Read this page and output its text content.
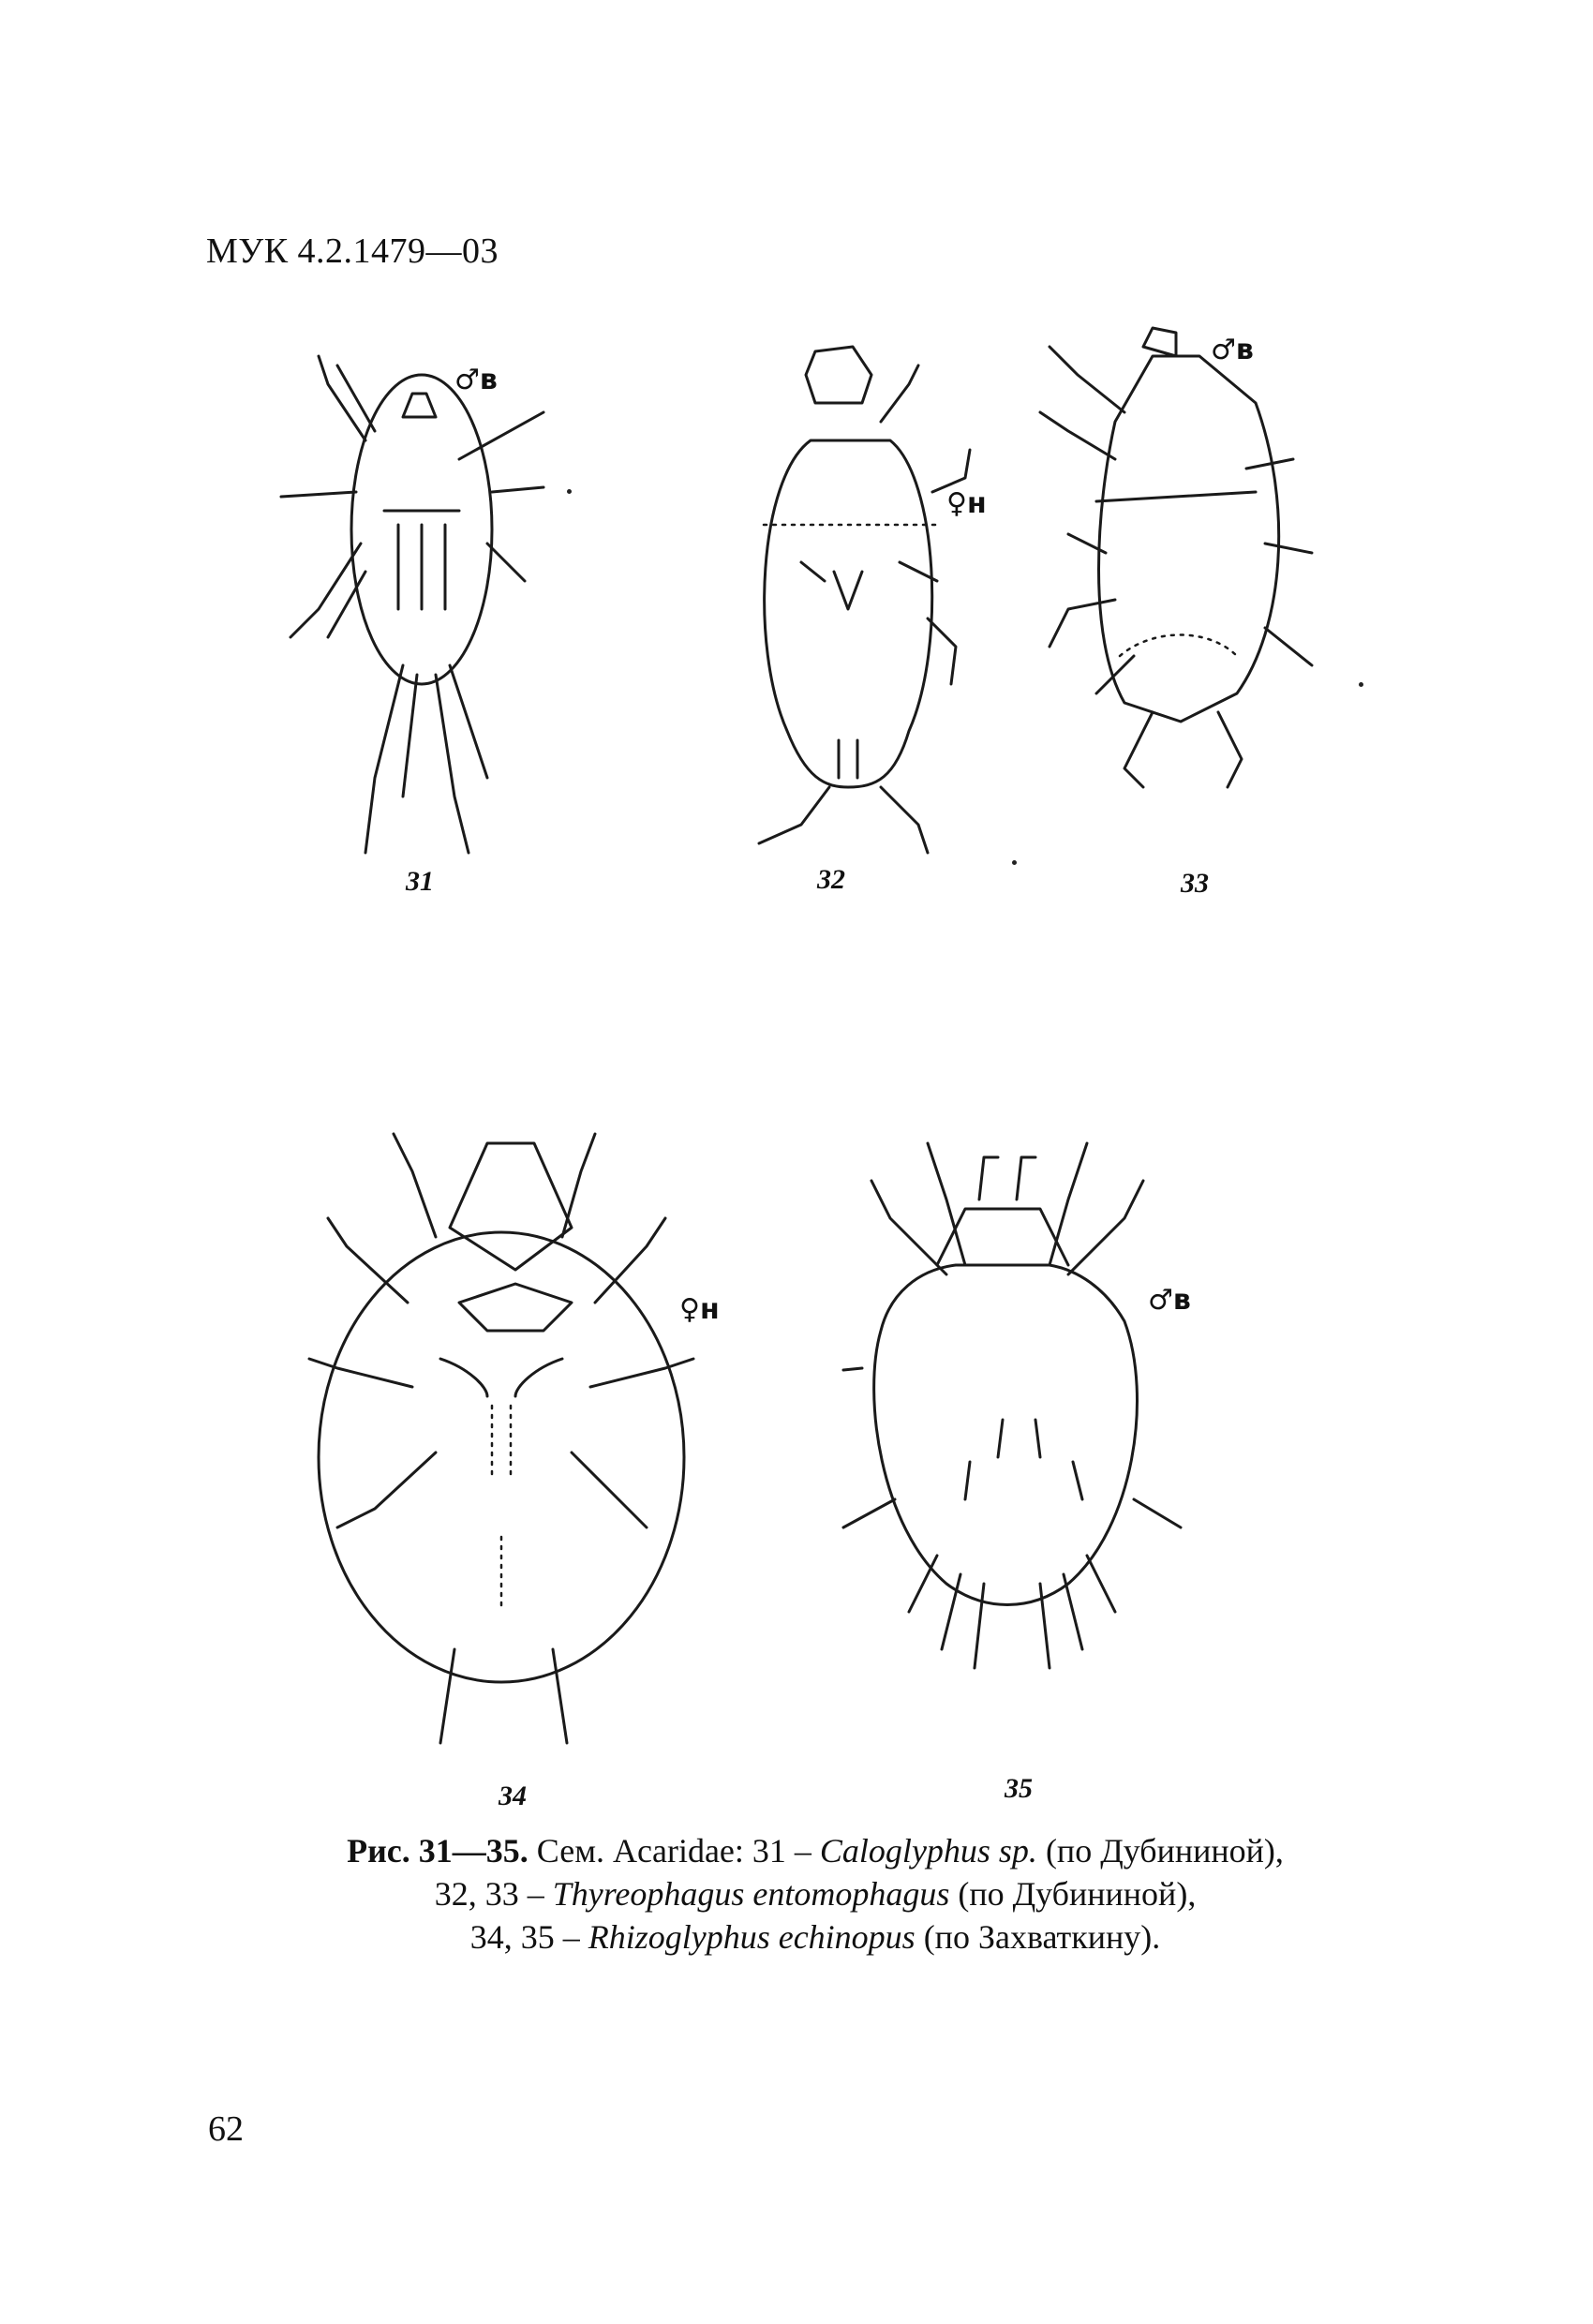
МУК 4.2.1479—03
♂в
31
♀н
32
♂в
33
♀н
34
♂в
35
Рис. 31—35. Сем. Acaridae: 31 – Caloglyphus sp. (по Дубининой),
32, 33 – Thyreophagus entomophagus (по Дубининой),
34, 35 – Rhizoglyphus echinopus (по Захваткину).
62
